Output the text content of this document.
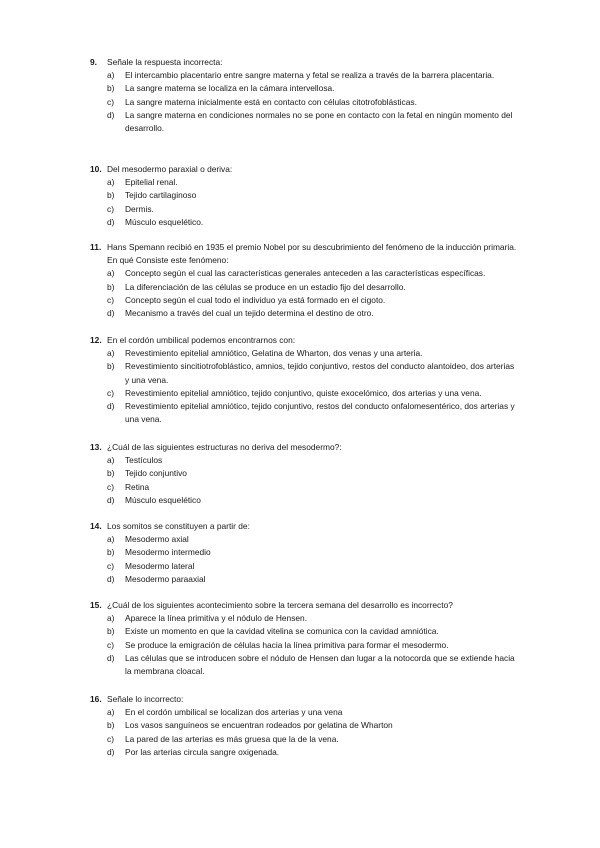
9.	Señale la respuesta incorrecta:
a)	El intercambio placentario entre sangre materna y fetal se realiza a través de la barrera placentaria.
b)	La sangre materna se localiza en la cámara intervellosa.
c)	La sangre materna inicialmente está en contacto con células citotrofoblásticas.
d)	La sangre materna en condiciones normales no se pone en contacto con la fetal en ningún momento del desarrollo.
10. Del mesodermo paraxial o deriva:
a)	Epitelial renal.
b)	Tejido cartilaginoso
c)	Dermis.
d)	Músculo esquelético.
11. Hans Spemann recibió en 1935 el premio Nobel por su descubrimiento del fenómeno de la inducción primaria. En qué Consiste este fenómeno:
a)	Concepto según el cual las características generales anteceden a las características específicas.
b)	La diferenciación de las células se produce en un estadio fijo del desarrollo.
c)	Concepto según el cual todo el individuo ya está formado en el cigoto.
d)	Mecanismo a través del cual un tejido determina el destino de otro.
12. En el cordón umbilical podemos encontrarnos con:
a)	Revestimiento epitelial amniótico, Gelatina de Wharton, dos venas y una arteria.
b)	Revestimiento sincitiotrofoblástico, amnios, tejido conjuntivo, restos del conducto alantoideo, dos arterias y una vena.
c)	Revestimiento epitelial amniótico, tejido conjuntivo, quiste exocelómico, dos arterias y una vena.
d)	Revestimiento epitelial amniótico, tejido conjuntivo, restos del conducto onfalomesentérico, dos arterias y una vena.
13. ¿Cuál de las siguientes estructuras no deriva del mesodermo?:
a)	Testículos
b)	Tejido conjuntivo
c)	Retina
d)	Músculo esquelético
14. Los somitos se constituyen a partir de:
a)	Mesodermo axial
b)	Mesodermo intermedio
c)	Mesodermo lateral
d)	Mesodermo paraaxial
15. ¿Cuál de los siguientes acontecimiento sobre la tercera semana del desarrollo es incorrecto?
a)	Aparece la línea primitiva y el nódulo de Hensen.
b)	Existe un momento en que la cavidad vitelina se comunica con la cavidad amniótica.
c)	Se produce la emigración de células hacia la línea primitiva para formar el mesodermo.
d)	Las células que se introducen sobre el nódulo de Hensen dan lugar a la notocorda que se extiende hacia la membrana cloacal.
16. Señale lo incorrecto:
a)	En el cordón umbilical se localizan dos arterias y una vena
b)	Los vasos sanguíneos se encuentran rodeados por gelatina de Wharton
c)	La pared de las arterias es más gruesa que la de la vena.
d)	Por las arterias circula sangre oxigenada.
